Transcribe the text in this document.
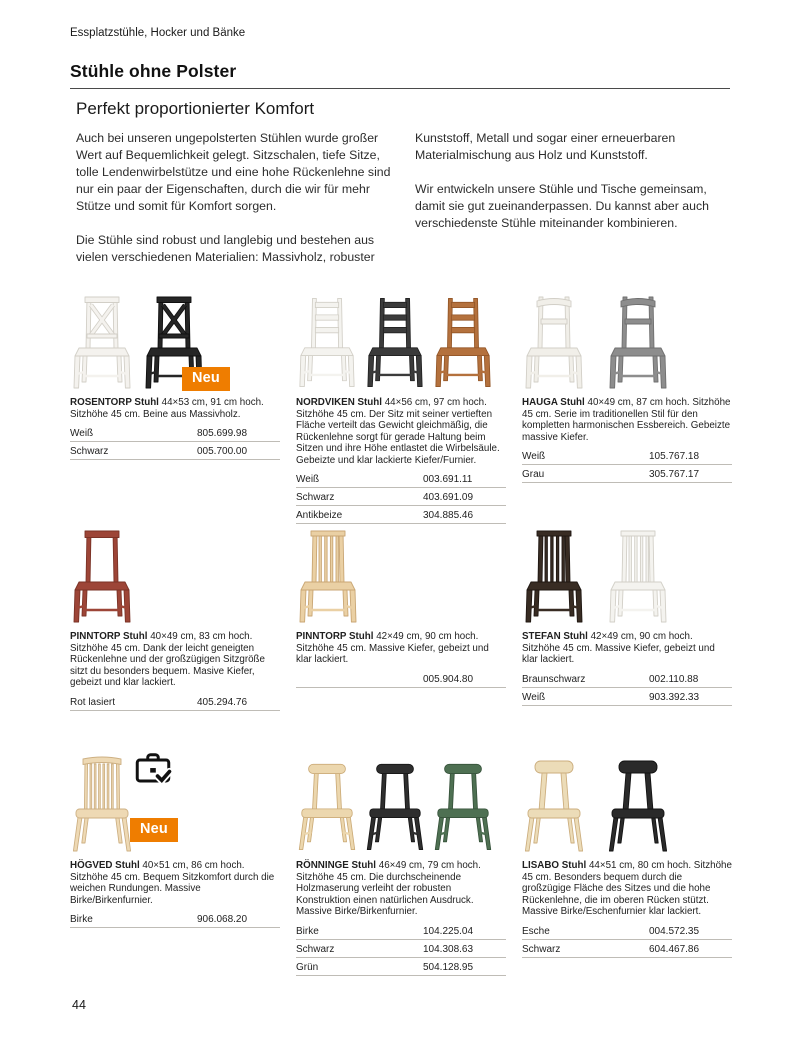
Essplatzstühle, Hocker und Bänke
Stühle ohne Polster
Perfekt proportionierter Komfort

Auch bei unseren ungepolsterten Stühlen wurde großer Wert auf Bequemlichkeit gelegt. Sitzschalen, tiefe Sitze, tolle Lendenwirbelstütze und eine hohe Rückenlehne sind nur ein paar der Eigenschaften, durch die wir für mehr Stütze und somit für Komfort sorgen.

Die Stühle sind robust und langlebig und bestehen aus vielen verschiedenen Materialien: Massivholz, robuster

Kunststoff, Metall und sogar einer erneuerbaren Materialmischung aus Holz und Kunststoff.

Wir entwickeln unsere Stühle und Tische gemeinsam, damit sie gut zueinanderpassen. Du kannst aber auch verschiedenste Stühle miteinander kombinieren.

Neu

ROSENTORP Stuhl 44×53 cm, 91 cm hoch. Sitzhöhe 45 cm. Beine aus Massivholz.

Weiß	805.699.98
Schwarz	005.700.00

NORDVIKEN Stuhl 44×56 cm, 97 cm hoch. Sitzhöhe 45 cm. Der Sitz mit seiner vertieften Fläche verteilt das Gewicht gleichmäßig, die Rückenlehne sorgt für gerade Haltung beim Sitzen und ihre Höhe entlastet die Wirbelsäule. Gebeizte und klar lackierte Kiefer/Furnier.

Weiß	003.691.11
Schwarz	403.691.09
Antikbeize	304.885.46

HAUGA Stuhl 40×49 cm, 87 cm hoch. Sitzhöhe 45 cm. Serie im traditionellen Stil für den kompletten harmonischen Essbereich. Gebeizte massive Kiefer.

Weiß	105.767.18
Grau	305.767.17

PINNTORP Stuhl 40×49 cm, 83 cm hoch. Sitzhöhe 45 cm. Dank der leicht geneigten Rückenlehne und der großzügigen Sitzgröße sitzt du besonders bequem. Masive Kiefer, gebeizt und klar lackiert.

Rot lasiert	405.294.76

PINNTORP Stuhl 42×49 cm, 90 cm hoch. Sitzhöhe 45 cm. Massive Kiefer, gebeizt und klar lackiert.

005.904.80

STEFAN Stuhl 42×49 cm, 90 cm hoch. Sitzhöhe 45 cm. Massive Kiefer, gebeizt und klar lackiert.

Braunschwarz	002.110.88
Weiß	903.392.33
Neu

HÖGVED Stuhl 40×51 cm, 86 cm hoch. Sitzhöhe 45 cm. Bequem Sitzkomfort durch die weichen Rundungen. Massive Birke/Birkenfurnier.

Birke	906.068.20

RÖNNINGE Stuhl 46×49 cm, 79 cm hoch. Sitzhöhe 45 cm. Die durchscheinende Holzmaserung verleiht der robusten Konstruktion einen natürlichen Ausdruck. Massive Birke/Birkenfurnier.

Birke	104.225.04
Schwarz	104.308.63
Grün	504.128.95

LISABO Stuhl 44×51 cm, 80 cm hoch. Sitzhöhe 45 cm. Besonders bequem durch die großzügige Fläche des Sitzes und die hohe Rückenlehne, die im oberen Rücken stützt. Massive Birke/Eschenfurnier klar lackiert.

Esche	004.572.35
Schwarz	604.467.86
44
